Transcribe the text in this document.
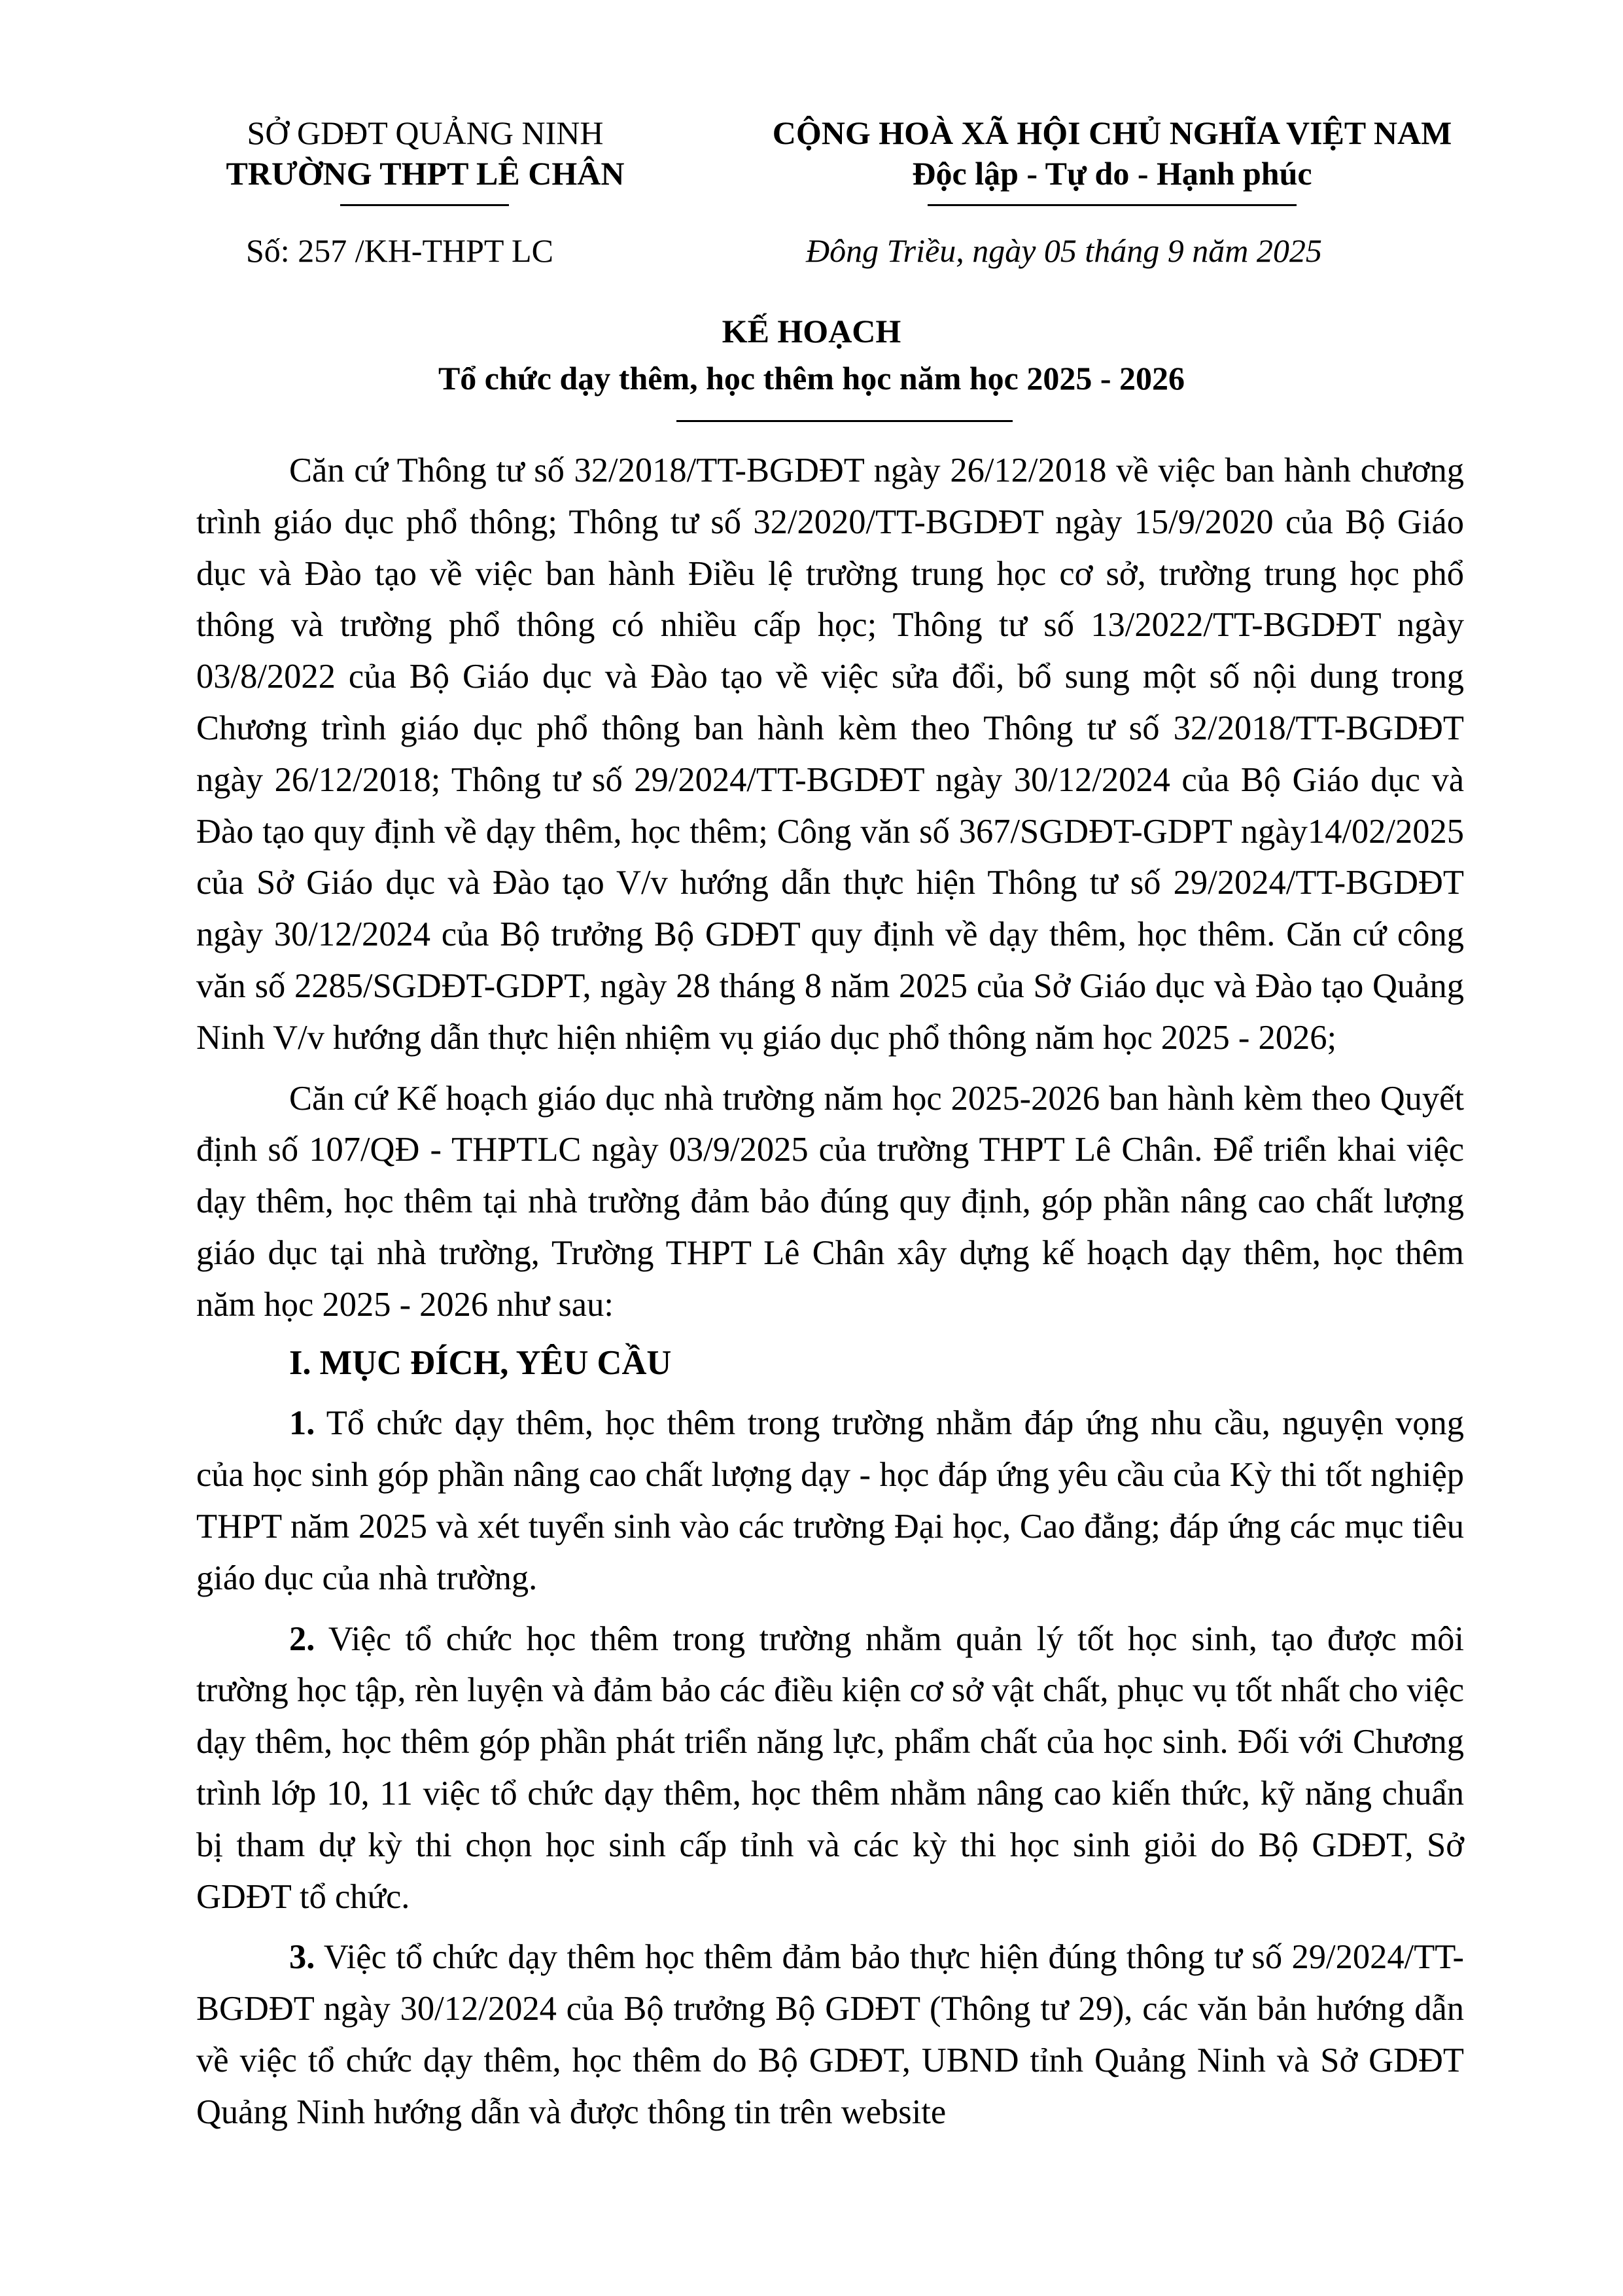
SỞ GDĐT QUẢNG NINH
TRƯỜNG THPT LÊ CHÂN
CỘNG HOÀ XÃ HỘI CHỦ NGHĨA VIỆT NAM
Độc lập - Tự do - Hạnh phúc
Số: 257 /KH-THPT LC	Đông Triều, ngày 05 tháng 9 năm 2025
KẾ HOẠCH
Tổ chức dạy thêm, học thêm học năm học 2025 - 2026

Căn cứ Thông tư số 32/2018/TT-BGDĐT ngày 26/12/2018 về việc ban hành chương trình giáo dục phổ thông; Thông tư số 32/2020/TT-BGDĐT ngày 15/9/2020 của Bộ Giáo dục và Đào tạo về việc ban hành Điều lệ trường trung học cơ sở, trường trung học phổ thông và trường phổ thông có nhiều cấp học; Thông tư số 13/2022/TT-BGDĐT ngày 03/8/2022 của Bộ Giáo dục và Đào tạo về việc sửa đổi, bổ sung một số nội dung trong Chương trình giáo dục phổ thông ban hành kèm theo Thông tư số 32/2018/TT-BGDĐT ngày 26/12/2018; Thông tư số 29/2024/TT-BGDĐT ngày 30/12/2024 của Bộ Giáo dục và Đào tạo quy định về dạy thêm, học thêm; Công văn số 367/SGDĐT-GDPT ngày14/02/2025 của Sở Giáo dục và Đào tạo V/v hướng dẫn thực hiện Thông tư số 29/2024/TT-BGDĐT ngày 30/12/2024 của Bộ trưởng Bộ GDĐT quy định về dạy thêm, học thêm. Căn cứ công văn số 2285/SGDĐT-GDPT, ngày 28 tháng 8 năm 2025 của Sở Giáo dục và Đào tạo Quảng Ninh V/v hướng dẫn thực hiện nhiệm vụ giáo dục phổ thông năm học 2025 - 2026;

Căn cứ Kế hoạch giáo dục nhà trường năm học 2025-2026 ban hành kèm theo Quyết định số 107/QĐ - THPTLC ngày 03/9/2025 của trường THPT Lê Chân. Để triển khai việc dạy thêm, học thêm tại nhà trường đảm bảo đúng quy định, góp phần nâng cao chất lượng giáo dục tại nhà trường, Trường THPT Lê Chân xây dựng kế hoạch dạy thêm, học thêm năm học 2025 - 2026 như sau:

I. MỤC ĐÍCH, YÊU CẦU

1. Tổ chức dạy thêm, học thêm trong trường nhằm đáp ứng nhu cầu, nguyện vọng của học sinh góp phần nâng cao chất lượng dạy - học đáp ứng yêu cầu của Kỳ thi tốt nghiệp THPT năm 2025 và xét tuyển sinh vào các trường Đại học, Cao đẳng; đáp ứng các mục tiêu giáo dục của nhà trường.

2. Việc tổ chức học thêm trong trường nhằm quản lý tốt học sinh, tạo được môi trường học tập, rèn luyện và đảm bảo các điều kiện cơ sở vật chất, phục vụ tốt nhất cho việc dạy thêm, học thêm góp phần phát triển năng lực, phẩm chất của học sinh. Đối với Chương trình lớp 10, 11 việc tổ chức dạy thêm, học thêm nhằm nâng cao kiến thức, kỹ năng chuẩn bị tham dự kỳ thi chọn học sinh cấp tỉnh và các kỳ thi học sinh giỏi do Bộ GDĐT, Sở GDĐT tổ chức.

3. Việc tổ chức dạy thêm học thêm đảm bảo thực hiện đúng thông tư số 29/2024/TT-BGDĐT ngày 30/12/2024 của Bộ trưởng Bộ GDĐT (Thông tư 29), các văn bản hướng dẫn về việc tổ chức dạy thêm, học thêm do Bộ GDĐT, UBND tỉnh Quảng Ninh và Sở GDĐT Quảng Ninh hướng dẫn và được thông tin trên website
